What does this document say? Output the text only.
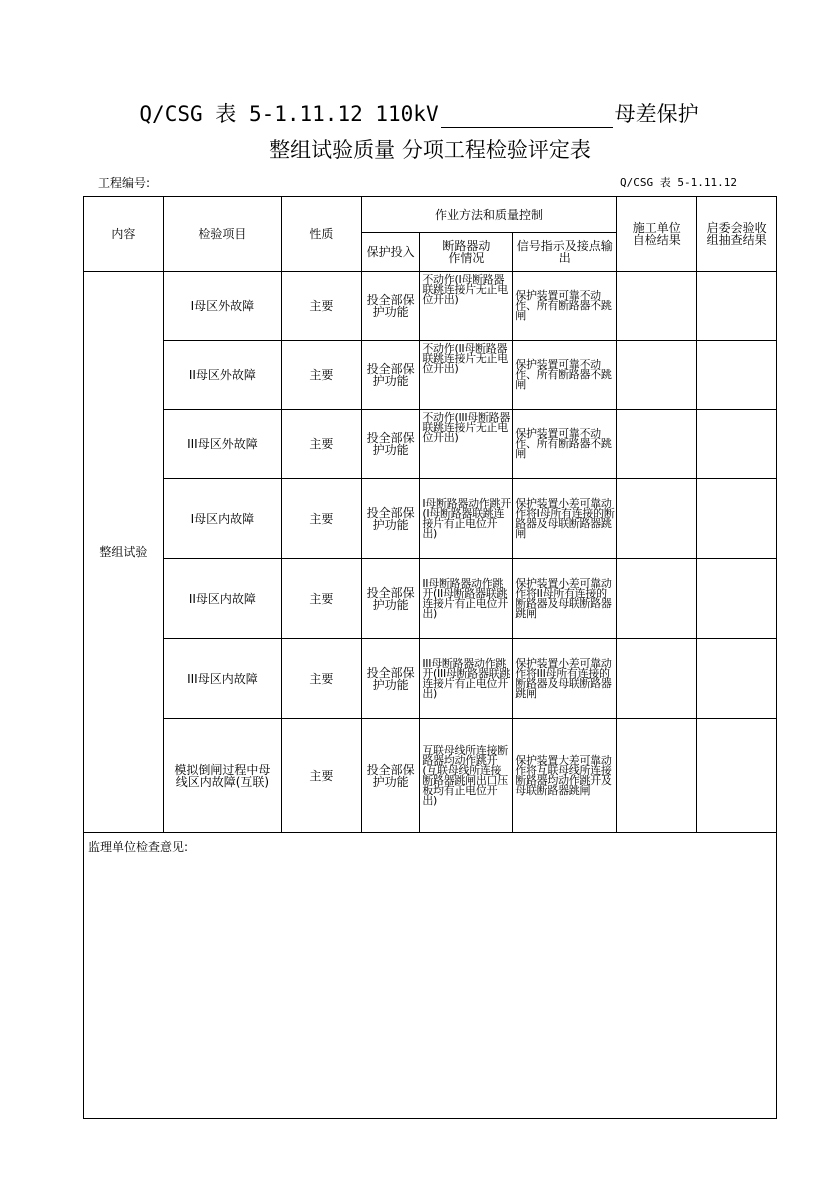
Q/CSG 表 5-1.11.12 110kV	母差保护
整组试验质量 分项工程检验评定表
工程编号:	Q/CSG 表 5-1.11.12
内容	检验项目	性质	作业方法和质量控制			施工单位自检结果	启委会验收组抽查结果
			保护投入	断路器动作情况	信号指示及接点输出		
整组试验	I母区外故障	主要	投全部保护功能	不动作(I母断路器联跳连接片无正电位开出)	保护装置可靠不动作、所有断路器不跳闸		
	II母区外故障	主要	投全部保护功能	不动作(II母断路器联跳连接片无正电位开出)	保护装置可靠不动作、所有断路器不跳闸		
	III母区外故障	主要	投全部保护功能	不动作(III母断路器联跳连接片无正电位开出)	保护装置可靠不动作、所有断路器不跳闸		
	I母区内故障	主要	投全部保护功能	I母断路器动作跳开(I母断路器联跳连接片有正电位开出)	保护装置小差可靠动作将I母所有连接的断路器及母联断路器跳闸		
	II母区内故障	主要	投全部保护功能	II母断路器动作跳开(II母断路器联跳连接片有正电位开出)	保护装置小差可靠动作将II母所有连接的断路器及母联断路器跳闸		
	III母区内故障	主要	投全部保护功能	III母断路器动作跳开(III母断路器联跳连接片有正电位开出)	保护装置小差可靠动作将III母所有连接的断路器及母联断路器跳闸		
	模拟倒闸过程中母线区内故障(互联)	主要	投全部保护功能	互联母线所连接断路器均动作跳开(互联母线所连接断路器跳闸出口压板均有正电位开出)	保护装置大差可靠动作将互联母线所连接断路器均动作跳开及母联断路器跳闸		
监理单位检查意见:							
